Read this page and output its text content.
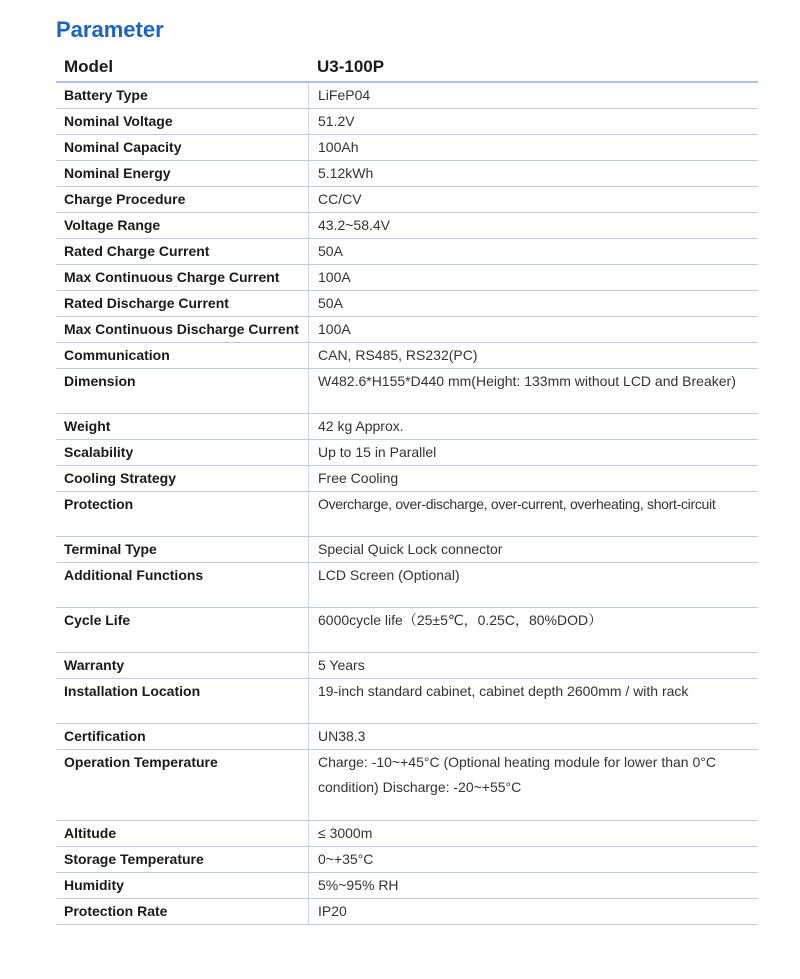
Parameter
Model	U3-100P
Battery Type	LiFeP04
Nominal Voltage	51.2V
Nominal Capacity	100Ah
Nominal Energy	5.12kWh
Charge Procedure	CC/CV
Voltage Range	43.2~58.4V
Rated Charge Current	50A
Max Continuous Charge Current	100A
Rated Discharge Current	50A
Max Continuous Discharge Current	100A
Communication	CAN, RS485, RS232(PC)
Dimension	W482.6*H155*D440 mm(Height: 133mm without LCD and Breaker)
Weight	42 kg Approx.
Scalability	Up to 15 in Parallel
Cooling Strategy	Free Cooling
Protection	Overcharge, over-discharge, over-current, overheating, short-circuit
Terminal Type	Special Quick Lock connector
Additional Functions	LCD Screen (Optional)
Cycle Life	6000cycle life（25±5℃，0.25C，80%DOD）
Warranty	5 Years
Installation Location	19-inch standard cabinet, cabinet depth 2600mm / with rack
Certification	UN38.3
Operation Temperature	Charge: -10~+45°C (Optional heating module for lower than 0°C condition) Discharge: -20~+55°C
Altitude	≤ 3000m
Storage Temperature	0~+35°C
Humidity	5%~95% RH
Protection Rate	IP20
